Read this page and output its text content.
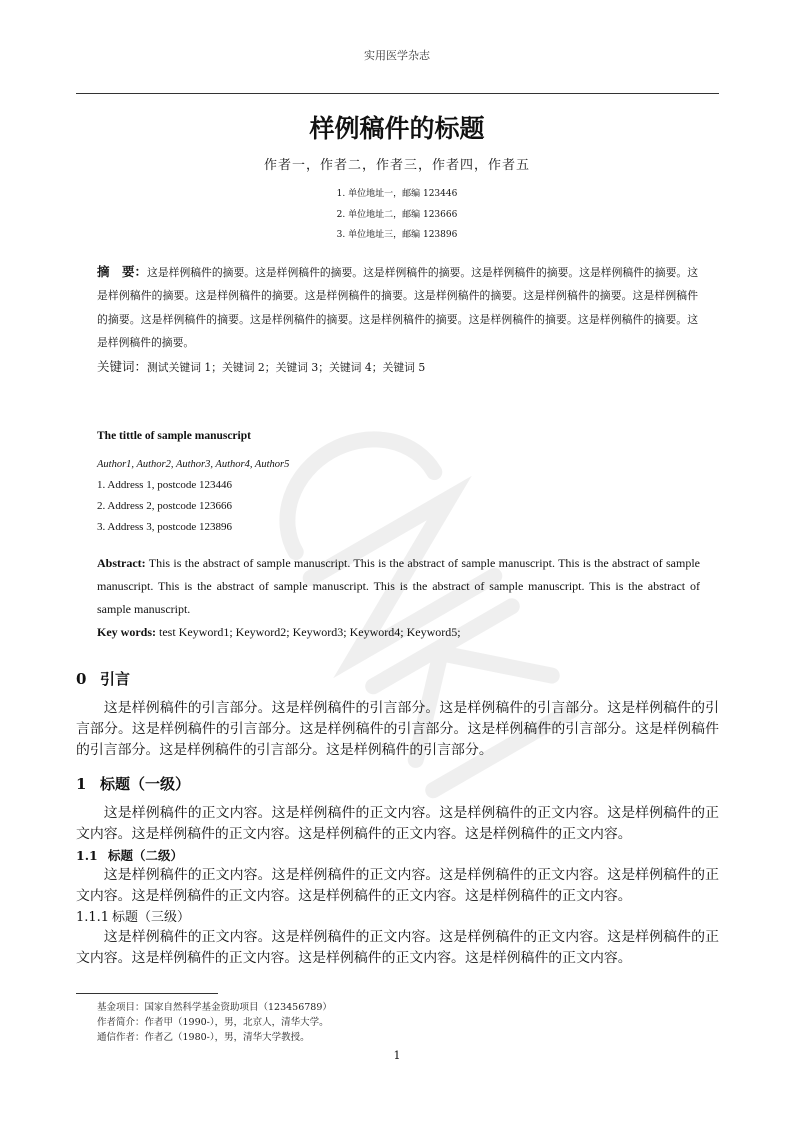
实用医学杂志
样例稿件的标题
作者一，作者二，作者三，作者四，作者五
1. 单位地址一，邮编 123446
2. 单位地址二，邮编 123666
3. 单位地址三，邮编 123896
摘　要：这是样例稿件的摘要。这是样例稿件的摘要。这是样例稿件的摘要。这是样例稿件的摘要。这是样例稿件的摘要。这是样例稿件的摘要。这是样例稿件的摘要。这是样例稿件的摘要。这是样例稿件的摘要。这是样例稿件的摘要。这是样例稿件的摘要。这是样例稿件的摘要。这是样例稿件的摘要。这是样例稿件的摘要。这是样例稿件的摘要。这是样例稿件的摘要。这是样例稿件的摘要。
关键词：测试关键词 1；关键词 2；关键词 3；关键词 4；关键词 5
The tittle of sample manuscript
Author1, Author2, Author3, Author4, Author5
1. Address 1, postcode 123446
2. Address 2, postcode 123666
3. Address 3, postcode 123896
Abstract: This is the abstract of sample manuscript. This is the abstract of sample manuscript. This is the abstract of sample manuscript. This is the abstract of sample manuscript. This is the abstract of sample manuscript. This is the abstract of sample manuscript.
Key words: test Keyword1; Keyword2; Keyword3; Keyword4; Keyword5;
0 引言
这是样例稿件的引言部分。这是样例稿件的引言部分。这是样例稿件的引言部分。这是样例稿件的引言部分。这是样例稿件的引言部分。这是样例稿件的引言部分。这是样例稿件的引言部分。这是样例稿件的引言部分。这是样例稿件的引言部分。这是样例稿件的引言部分。
1 标题（一级）
这是样例稿件的正文内容。这是样例稿件的正文内容。这是样例稿件的正文内容。这是样例稿件的正文内容。这是样例稿件的正文内容。这是样例稿件的正文内容。这是样例稿件的正文内容。
1.1 标题（二级）
这是样例稿件的正文内容。这是样例稿件的正文内容。这是样例稿件的正文内容。这是样例稿件的正文内容。这是样例稿件的正文内容。这是样例稿件的正文内容。这是样例稿件的正文内容。
1.1.1 标题（三级）
这是样例稿件的正文内容。这是样例稿件的正文内容。这是样例稿件的正文内容。这是样例稿件的正文内容。这是样例稿件的正文内容。这是样例稿件的正文内容。这是样例稿件的正文内容。
基金项目：国家自然科学基金资助项目（123456789）
作者简介：作者甲（1990-），男，北京人，清华大学。
通信作者：作者乙（1980-），男，清华大学教授。
1
